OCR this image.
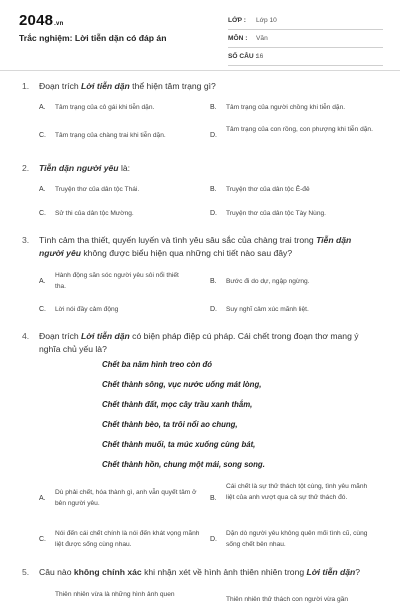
2048.vn
Trắc nghiệm: Lời tiễn dặn có đáp án
LỚP : Lớp 10
MÔN : Văn
SỐ CÂU :
16
1. Đoạn trích Lời tiễn dặn thể hiện tâm trạng gì?
A. Tâm trạng của cô gái khi tiễn dặn.	B. Tâm trạng của người chồng khi tiễn dặn.
C. Tâm trạng của chàng trai khi tiễn dặn.	D.
Tâm trạng của con rồng, con phượng khi tiễn dặn.
2. Tiễn dặn người yêu là:
A. Truyện thơ của dân tộc Thái.	B. Truyện thơ của dân tộc Ê-đê
C. Sử thi của dân tộc Mường.	D. Truyện thơ của dân tộc Tày Nùng.
3. Tình cảm tha thiết, quyến luyến và tình yêu sâu sắc của chàng trai trong Tiễn dặn người yêu không được biểu hiện qua những chi tiết nào sau đây?
A.
Hành động săn sóc người yêu sôi nổi thiết tha.
B. Bước đi do dự, ngập ngừng.
C. Lời nói đầy cảm động	D. Suy nghĩ cảm xúc mãnh liệt.
4. Đoạn trích Lời tiễn dặn có biện pháp điệp cú pháp. Cái chết trong đoạn thơ mang ý nghĩa chủ yếu là?
Chết ba năm hình treo còn đó
Chết thành sông, vục nước uống mát lòng,
Chết thành đất, mọc cây trầu xanh thắm,
Chết thành bèo, ta trôi nổi ao chung,
Chết thành muối, ta múc xuống cùng bát,
Chết thành hồn, chung một mái, song song.
A.
Dù phải chết, hóa thành gì, anh vẫn quyết tâm ở bên người yêu.
B.
Cái chết là sự thử thách tột cùng, tình yêu mãnh liệt của anh vượt qua cả sự thử thách đó.
C.
Nói đến cái chết chính là nói đến khát vọng mãnh liệt được sống cùng nhau.
D.
Dặn dò người yêu không quên mối tình cũ, cùng sống chết bên nhau.
5. Câu nào không chính xác khi nhận xét về hình ảnh thiên nhiên trong Lời tiễn dặn?
Thiên nhiên vừa là những hình ảnh quen
Thiên nhiên thử thách con người vừa gần
